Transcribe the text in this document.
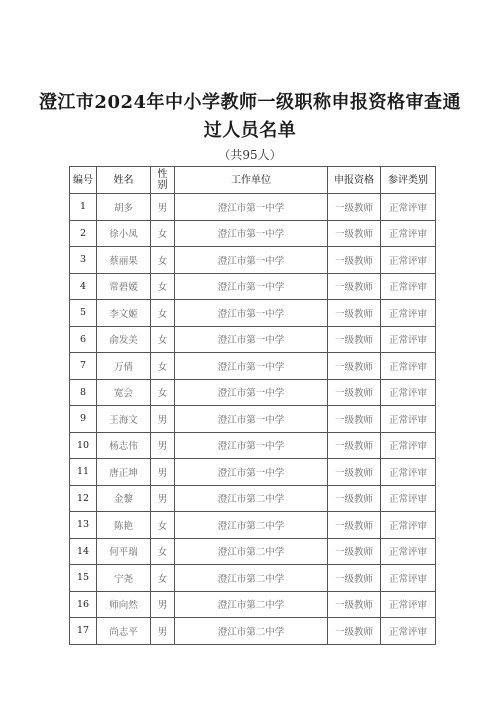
澄江市2024年中小学教师一级职称申报资格审查通
过人员名单
（共95人）
编号	姓名	性别	工作单位	申报资格	参评类别
1	胡多	男	澄江市第一中学	一级教师	正常评审
2	徐小凤	女	澄江市第一中学	一级教师	正常评审
3	蔡丽果	女	澄江市第一中学	一级教师	正常评审
4	常碧媛	女	澄江市第一中学	一级教师	正常评审
5	李文姬	女	澄江市第一中学	一级教师	正常评审
6	俞发美	女	澄江市第一中学	一级教师	正常评审
7	万倩	女	澄江市第一中学	一级教师	正常评审
8	宽会	女	澄江市第一中学	一级教师	正常评审
9	王海文	男	澄江市第一中学	一级教师	正常评审
10	杨志伟	男	澄江市第一中学	一级教师	正常评审
11	唐正坤	男	澄江市第一中学	一级教师	正常评审
12	金黎	男	澄江市第二中学	一级教师	正常评审
13	陈艳	女	澄江市第二中学	一级教师	正常评审
14	何平瑞	女	澄江市第二中学	一级教师	正常评审
15	宁尧	女	澄江市第二中学	一级教师	正常评审
16	师向然	男	澄江市第二中学	一级教师	正常评审
17	尚志平	男	澄江市第二中学	一级教师	正常评审
